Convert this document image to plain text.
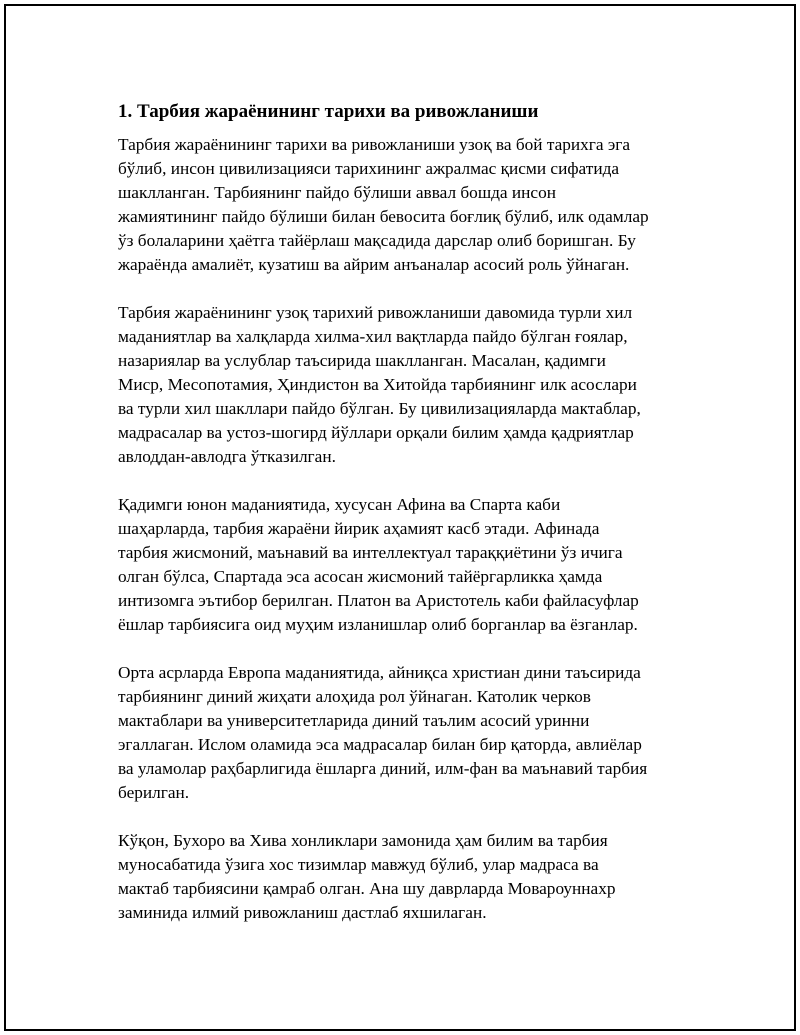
1. Тарбия жараёнининг тарихи ва ривожланиши

Тарбия жараёнининг тарихи ва ривожланиши узоқ ва бой тарихга эга
бўлиб, инсон цивилизацияси тарихининг ажралмас қисми сифатида
шаклланган. Тарбиянинг пайдо бўлиши аввал бошда инсон
жамиятининг пайдо бўлиши билан бевосита боғлиқ бўлиб, илк одамлар
ўз болаларини ҳаётга тайёрлаш мақсадида дарслар олиб боришган. Бу
жараёнда амалиёт, кузатиш ва айрим анъаналар асосий роль ўйнаган.

Тарбия жараёнининг узоқ тарихий ривожланиши давомида турли хил
маданиятлар ва халқларда хилма-хил вақтларда пайдо бўлган ғоялар,
назариялар ва услублар таъсирида шаклланган. Масалан, қадимги
Миср, Месопотамия, Ҳиндистон ва Хитойда тарбиянинг илк асослари
ва турли хил шакллари пайдо бўлган. Бу цивилизацияларда мактаблар,
мадрасалар ва устоз-шогирд йўллари орқали билим ҳамда қадриятлар
авлоддан-авлодга ўтказилган.

Қадимги юнон маданиятида, хусусан Афина ва Спарта каби
шаҳарларда, тарбия жараёни йирик аҳамият касб этади. Афинада
тарбия жисмоний, маънавий ва интеллектуал тараққиётини ўз ичига
олган бўлса, Спартада эса асосан жисмоний тайёргарликка ҳамда
интизомга эътибор берилган. Платон ва Аристотель каби файласуфлар
ёшлар тарбиясига оид муҳим изланишлар олиб борганлар ва ёзганлар.

Орта асрларда Европа маданиятида, айниқса христиан дини таъсирида
тарбиянинг диний жиҳати алоҳида рол ўйнаган. Католик черков
мактаблари ва университетларида диний таълим асосий уринни
эгаллаган. Ислом оламида эса мадрасалар билан бир қаторда, авлиёлар
ва уламолар раҳбарлигида ёшларга диний, илм-фан ва маънавий тарбия
берилган.

Кўқон, Бухоро ва Хива хонликлари замонида ҳам билим ва тарбия
муносабатида ўзига хос тизимлар мавжуд бўлиб, улар мадраса ва
мактаб тарбиясини қамраб олган. Ана шу даврларда Мовароуннахр
заминида илмий ривожланиш дастлаб яхшилаган.
